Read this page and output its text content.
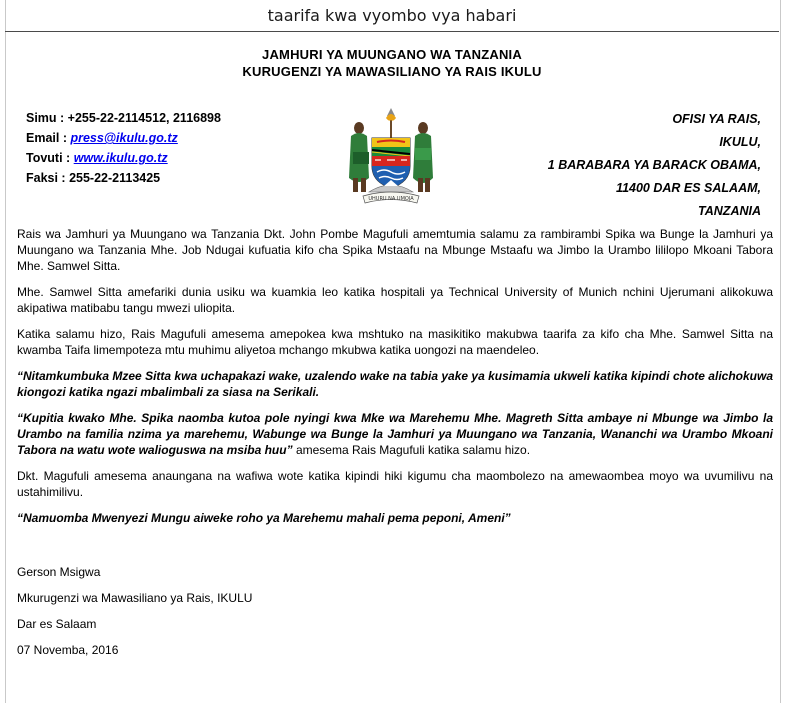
taarifa kwa vyombo vya habari
JAMHURI YA MUUNGANO WA TANZANIA
KURUGENZI YA MAWASILIANO YA RAIS IKULU
Simu : +255-22-2114512, 2116898
Email : press@ikulu.go.tz
Tovuti : www.ikulu.go.tz
Faksi : 255-22-2113425
UHURU NA UMOJA
OFISI YA RAIS,
IKULU,
1 BARABARA YA BARACK OBAMA,
11400 DAR ES SALAAM,
TANZANIA

Rais wa Jamhuri ya Muungano wa Tanzania Dkt. John Pombe Magufuli amemtumia salamu za rambirambi Spika wa Bunge la Jamhuri ya Muungano wa Tanzania Mhe. Job Ndugai kufuatia kifo cha Spika Mstaafu na Mbunge Mstaafu wa Jimbo la Urambo lililopo Mkoani Tabora Mhe. Samwel Sitta.

Mhe. Samwel Sitta amefariki dunia usiku wa kuamkia leo katika hospitali ya Technical University of Munich nchini Ujerumani alikokuwa akipatiwa matibabu tangu mwezi uliopita.

Katika salamu hizo, Rais Magufuli amesema amepokea kwa mshtuko na masikitiko makubwa taarifa za kifo cha Mhe. Samwel Sitta na kwamba Taifa limempoteza mtu muhimu aliyetoa mchango mkubwa katika uongozi na maendeleo.

“Nitamkumbuka Mzee Sitta kwa uchapakazi wake, uzalendo wake na tabia yake ya kusimamia ukweli katika kipindi chote alichokuwa kiongozi katika ngazi mbalimbali za siasa na Serikali.

“Kupitia kwako Mhe. Spika naomba kutoa pole nyingi kwa Mke wa Marehemu Mhe. Magreth Sitta ambaye ni Mbunge wa Jimbo la Urambo na familia nzima ya marehemu, Wabunge wa Bunge la Jamhuri ya Muungano wa Tanzania, Wananchi wa Urambo Mkoani Tabora na watu wote walioguswa na msiba huu” amesema Rais Magufuli katika salamu hizo.

Dkt. Magufuli amesema anaungana na wafiwa wote katika kipindi hiki kigumu cha maombolezo na amewaombea moyo wa uvumilivu na ustahimilivu.

“Namuomba Mwenyezi Mungu aiweke roho ya Marehemu mahali pema peponi, Ameni”

Gerson Msigwa
Mkurugenzi wa Mawasiliano ya Rais, IKULU
Dar es Salaam
07 Novemba, 2016
